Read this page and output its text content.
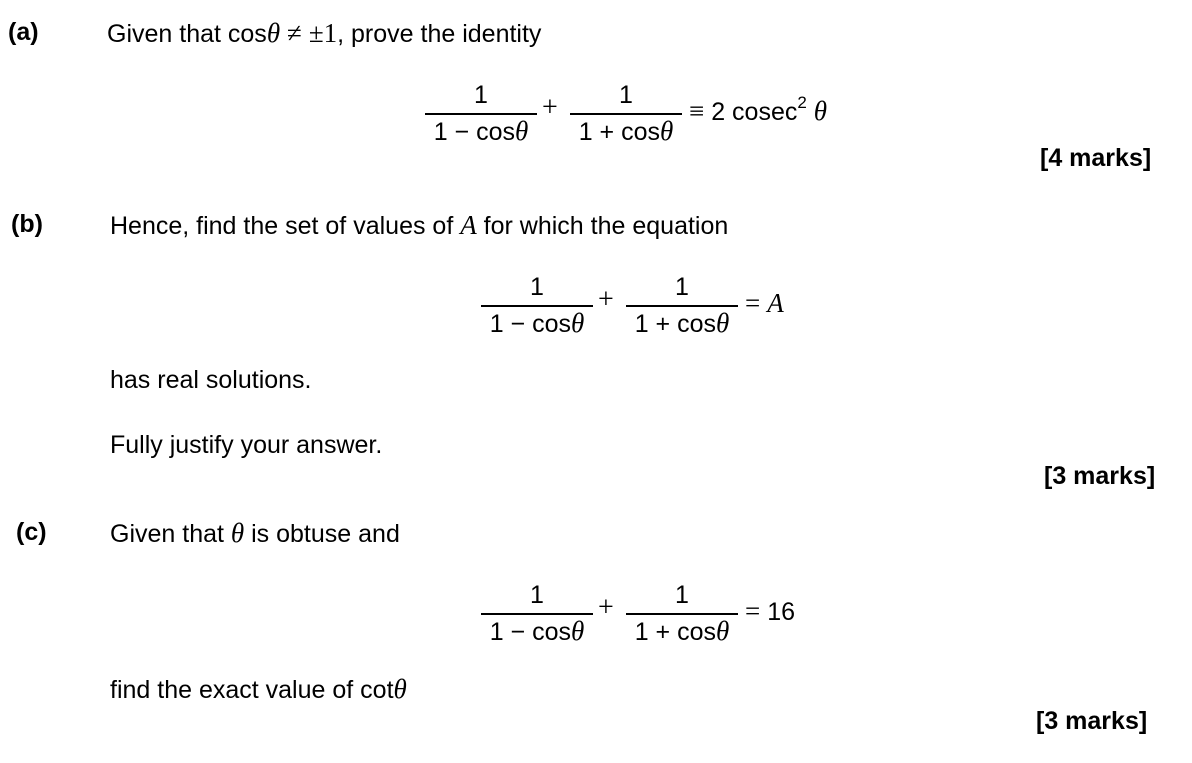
(a)	Given that cosθ ≠ ±1, prove the identity
1
1 − cosθ
+	1
1 + cosθ
≡ 2 cosec$^2$ θ
[4 marks]
(b)	Hence, find the set of values of A for which the equation
1
1 − cosθ
+	1
1 + cosθ
= A
has real solutions.
Fully justify your answer.
[3 marks]
(c)	Given that θ is obtuse and
1
1 − cosθ
+	1
1 + cosθ
= 16
find the exact value of cotθ
[3 marks]
